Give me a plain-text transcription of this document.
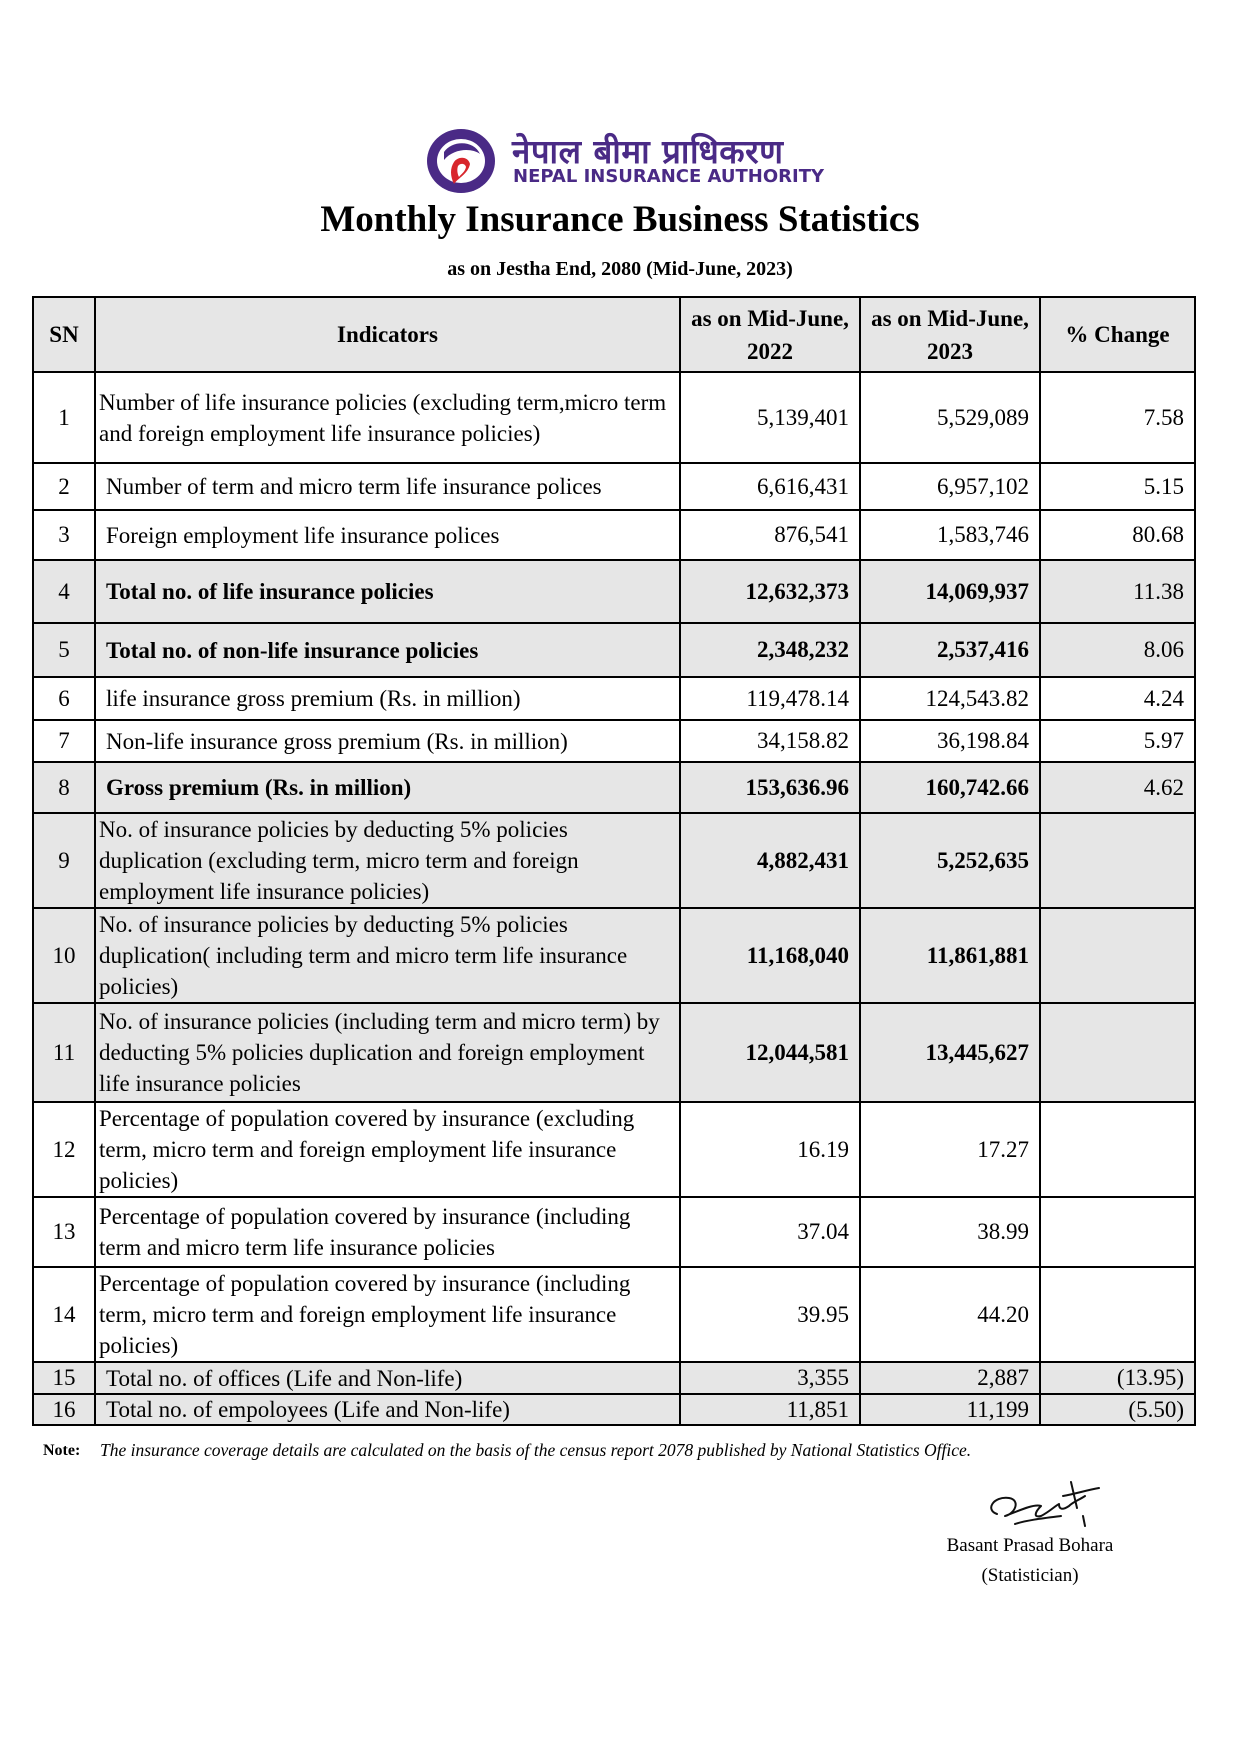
नेपाल बीमा प्राधिकरण
NEPAL INSURANCE AUTHORITY
Monthly Insurance Business Statistics
as on Jestha End, 2080 (Mid-June, 2023)
SN	Indicators	as on Mid-June, 2022	as on Mid-June, 2023	% Change
1	Number of life insurance policies (excluding term,micro term and foreign employment life insurance policies)	5,139,401	5,529,089	7.58
2	Number of term and micro term life insurance polices	6,616,431	6,957,102	5.15
3	Foreign employment life insurance polices	876,541	1,583,746	80.68
4	Total no. of life insurance policies	12,632,373	14,069,937	11.38
5	Total no. of non-life insurance policies	2,348,232	2,537,416	8.06
6	life insurance gross premium (Rs. in million)	119,478.14	124,543.82	4.24
7	Non-life insurance gross premium (Rs. in million)	34,158.82	36,198.84	5.97
8	Gross premium (Rs. in million)	153,636.96	160,742.66	4.62
9	No. of insurance policies by deducting 5% policies duplication (excluding term, micro term and foreign employment life insurance policies)	4,882,431	5,252,635	
10	No. of insurance policies by deducting 5% policies duplication( including term and micro term life insurance policies)	11,168,040	11,861,881	
11	No. of insurance policies (including term and micro term) by deducting 5% policies duplication and foreign employment life insurance policies	12,044,581	13,445,627	
12	Percentage of population covered by insurance (excluding term, micro term and foreign employment life insurance policies)	16.19	17.27	
13	Percentage of population covered by insurance (including term and micro term life insurance policies	37.04	38.99	
14	Percentage of population covered by insurance (including term, micro term and foreign employment life insurance policies)	39.95	44.20	
15	Total no. of offices (Life and Non-life)	3,355	2,887	(13.95)
16	Total no. of empoloyees (Life and Non-life)	11,851	11,199	(5.50)
Note: The insurance coverage details are calculated on the basis of the census report 2078 published by National Statistics Office.
Basant Prasad Bohara
(Statistician)
